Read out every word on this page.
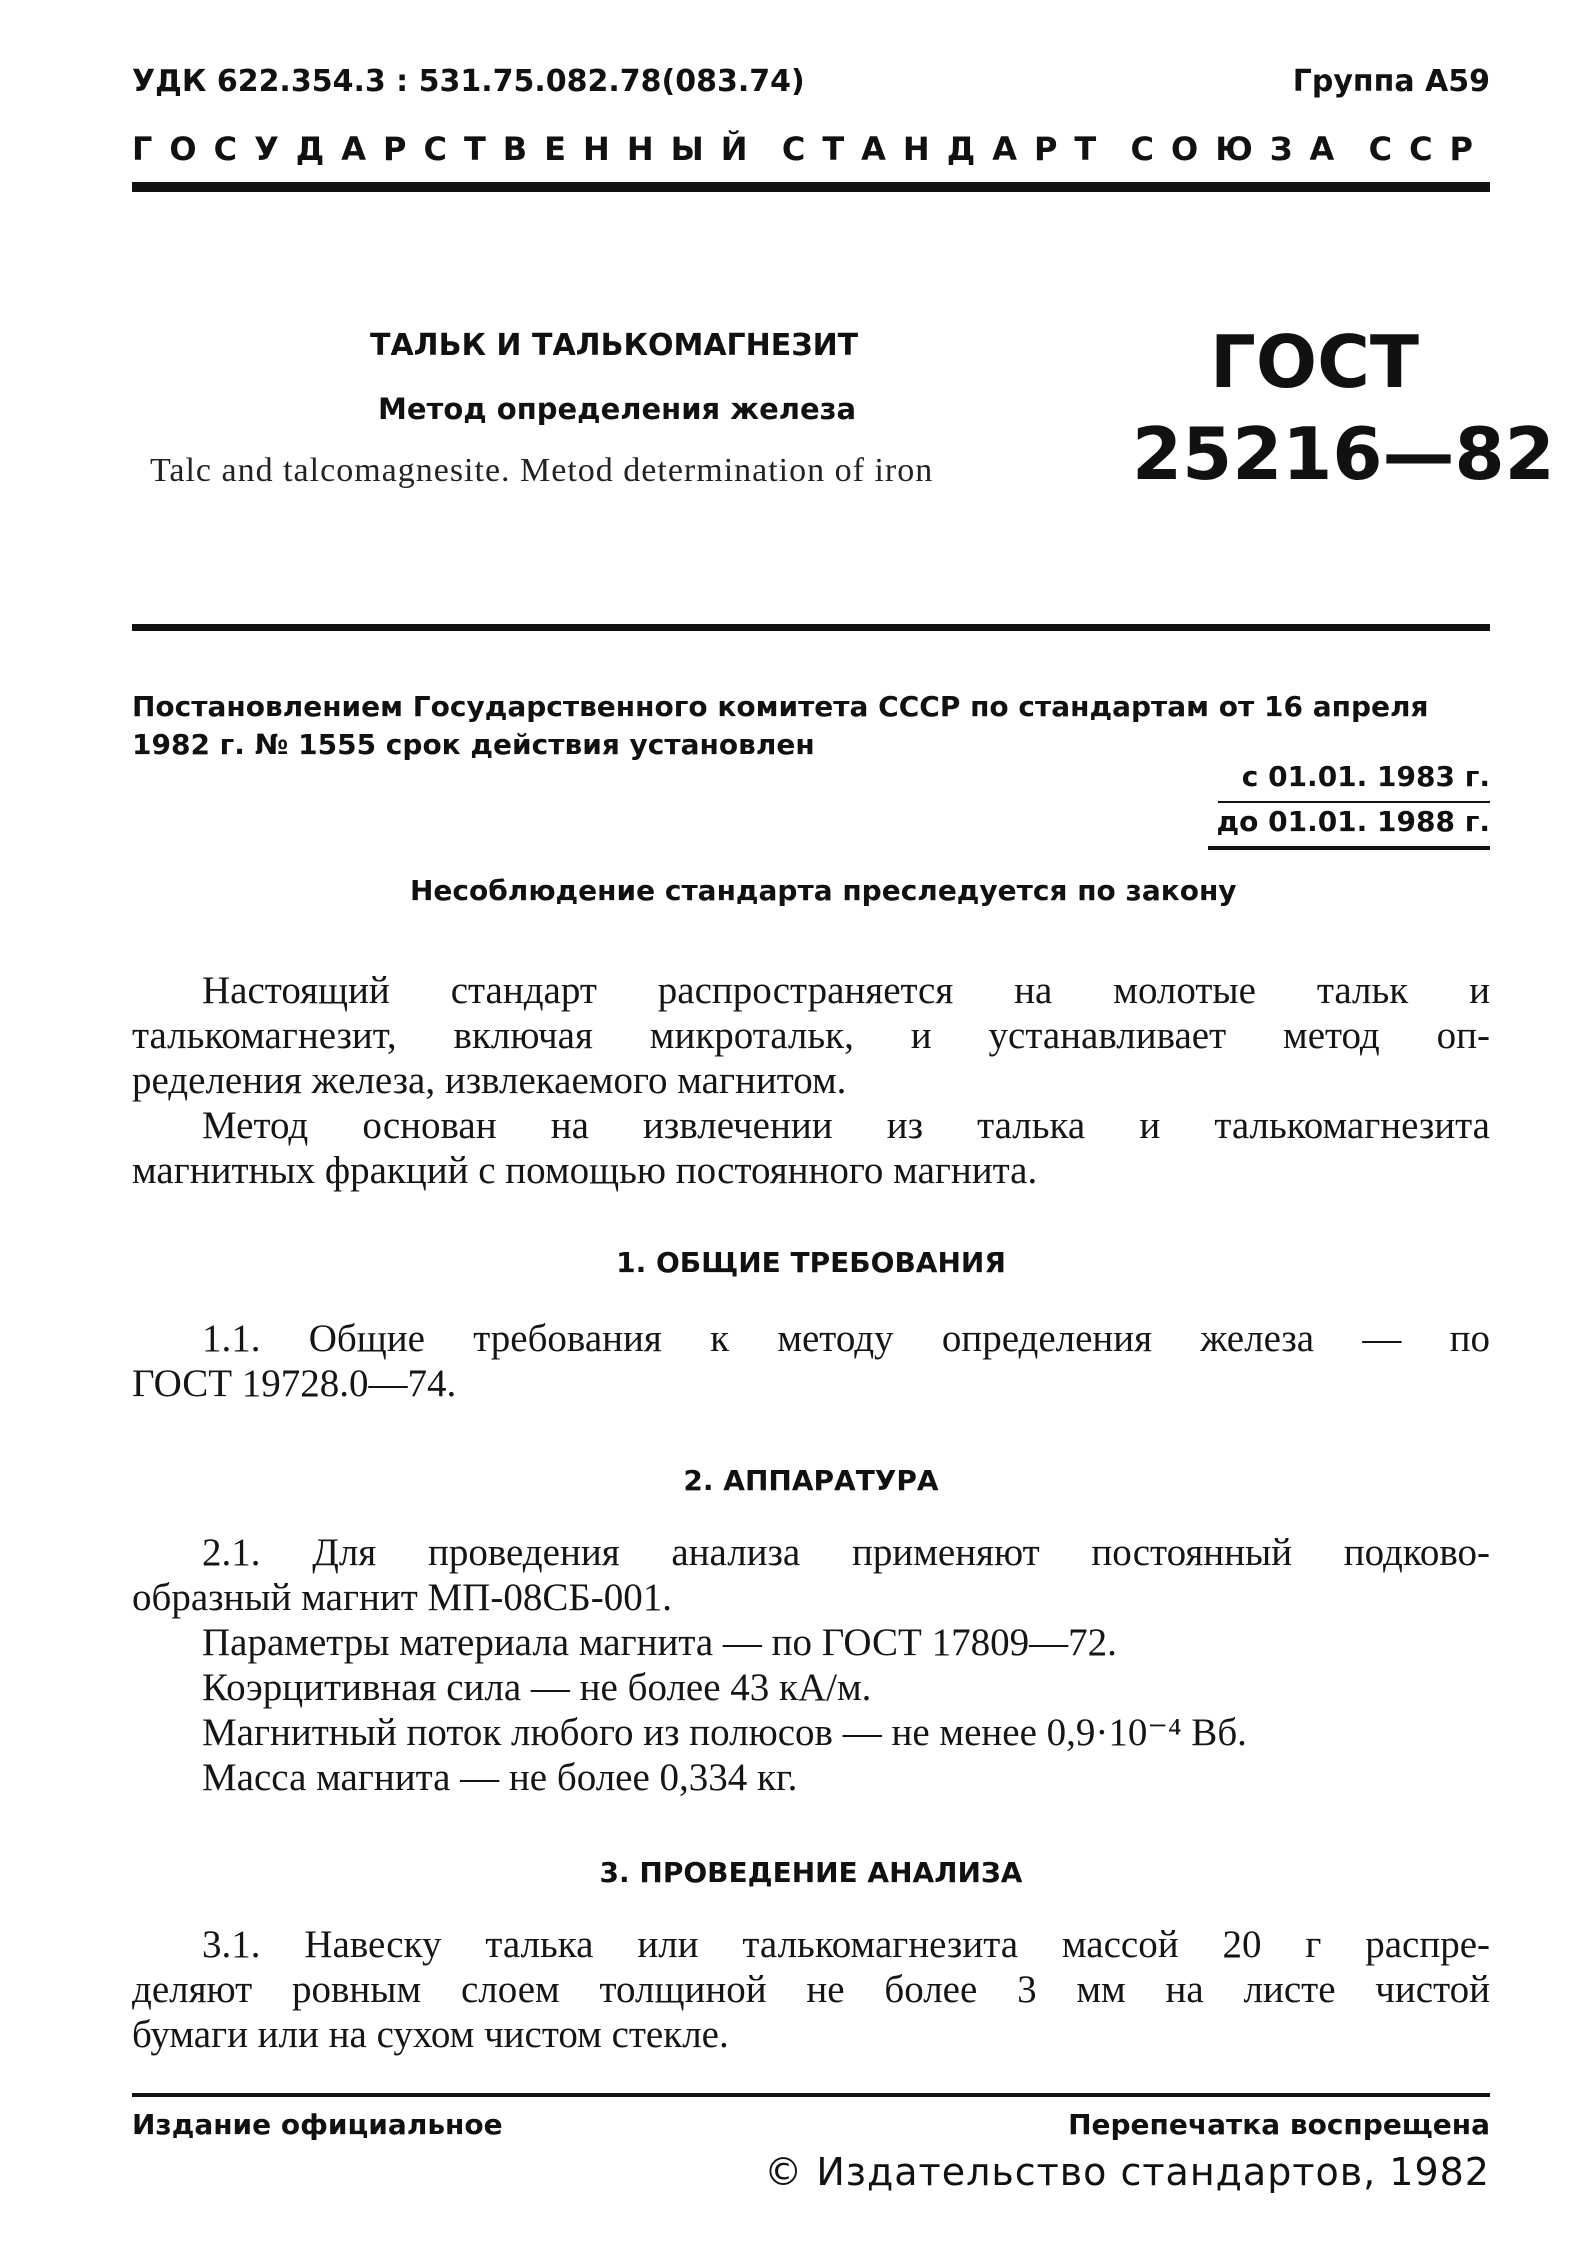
УДК 622.354.3 : 531.75.082.78(083.74)	Группа А59
ГОСУДАРСТВЕННЫЙ СТАНДАРТ СОЮЗА ССР
ТАЛЬК И ТАЛЬКОМАГНЕЗИТ
Метод определения железа
Talc and talcomagnesite. Metod determination of iron
ГОСТ
25216—82
Постановлением Государственного комитета СССР по стандартам от 16 апреля
1982 г. № 1555 срок действия установлен
с 01.01. 1983 г.
до 01.01. 1988 г.
Несоблюдение стандарта преследуется по закону

Настоящий стандарт распространяется на молотые тальк и

талькомагнезит, включая микротальк, и устанавливает метод оп-

ределения железа, извлекаемого магнитом.

Метод основан на извлечении из талька и талькомагнезита

магнитных фракций с помощью постоянного магнита.

1. ОБЩИЕ ТРЕБОВАНИЯ

1.1. Общие требования к методу определения железа — по

ГОСТ 19728.0—74.

2. АППАРАТУРА

2.1. Для проведения анализа применяют постоянный подково-

образный магнит МП-08СБ-001.

Параметры материала магнита — по ГОСТ 17809—72.

Коэрцитивная сила — не более 43 кА/м.

Магнитный поток любого из полюсов — не менее 0,9·10⁻⁴ Вб.

Масса магнита — не более 0,334 кг.

3. ПРОВЕДЕНИЕ АНАЛИЗА

3.1. Навеску талька или талькомагнезита массой 20 г распре-

деляют ровным слоем толщиной не более 3 мм на листе чистой

бумаги или на сухом чистом стекле.

Издание официальное	Перепечатка воспрещена
© Издательство стандартов, 1982
